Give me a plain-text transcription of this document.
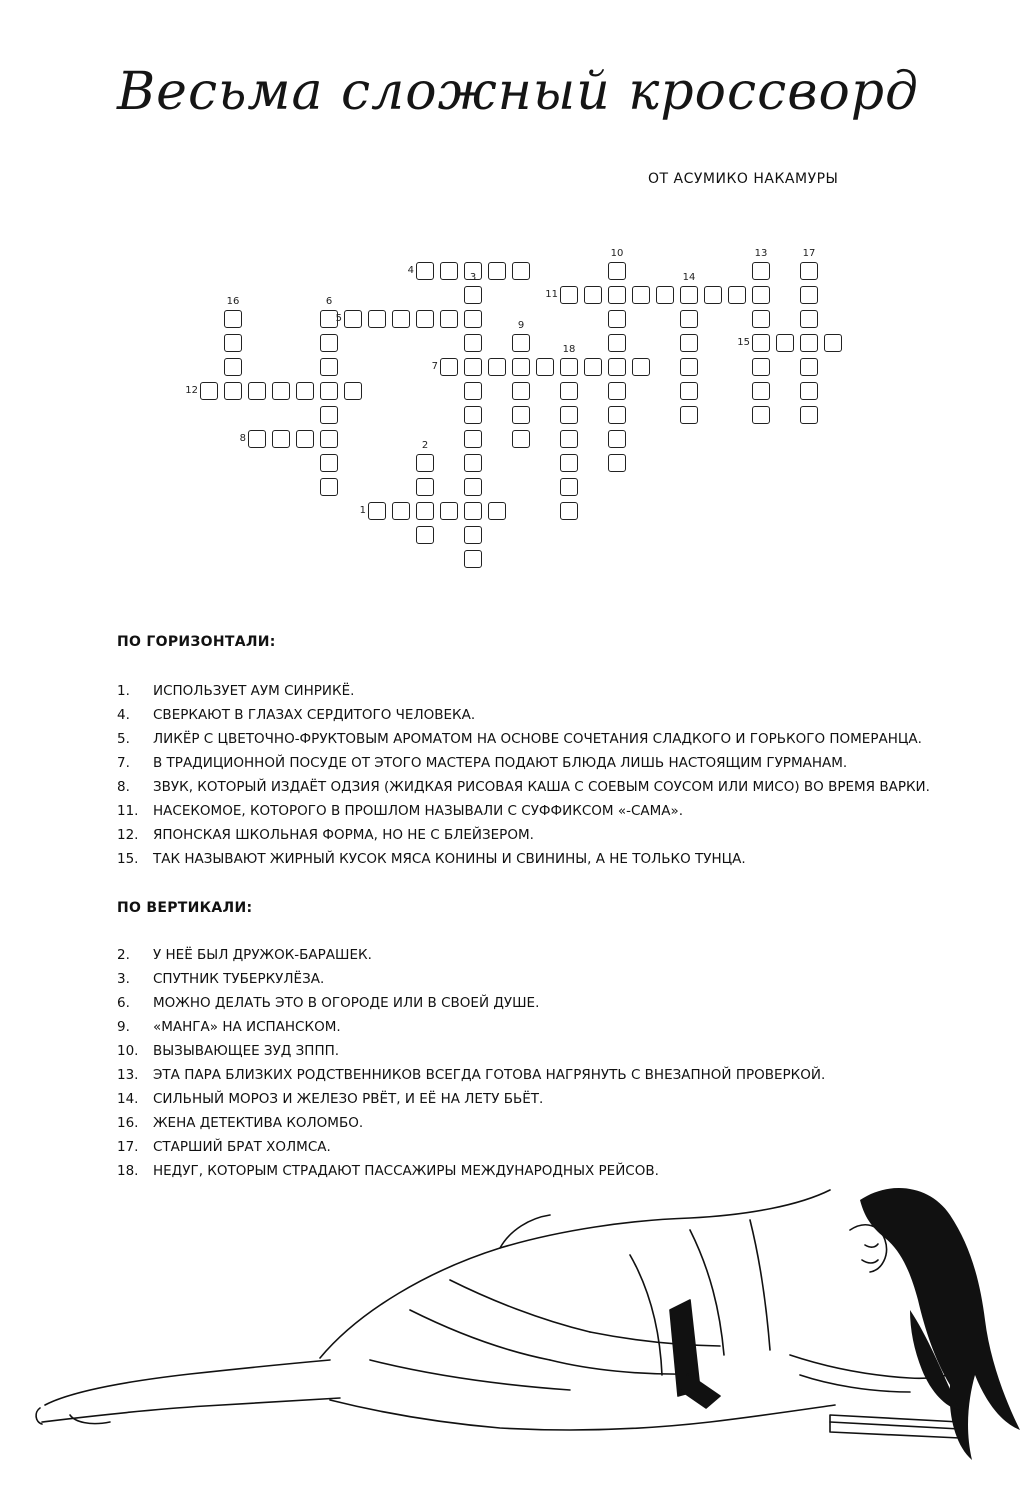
Весьма сложный кроссворд
ОТ АСУМИКО НАКАМУРЫ
1
2
3
4
5
6
7
8
9
10
11
12
13
14
15
16
17
18
ПО ГОРИЗОНТАЛИ:
1.	ИСПОЛЬЗУЕТ АУМ СИНРИКЁ.
4.	СВЕРКАЮТ В ГЛАЗАХ СЕРДИТОГО ЧЕЛОВЕКА.
5.	ЛИКЁР С ЦВЕТОЧНО-ФРУКТОВЫМ АРОМАТОМ НА ОСНОВЕ СОЧЕТАНИЯ СЛАДКОГО И ГОРЬКОГО ПОМЕРАНЦА.
7.	В ТРАДИЦИОННОЙ ПОСУДЕ ОТ ЭТОГО МАСТЕРА ПОДАЮТ БЛЮДА ЛИШЬ НАСТОЯЩИМ ГУРМАНАМ.
8.	ЗВУК, КОТОРЫЙ ИЗДАЁТ ОДЗИЯ (ЖИДКАЯ РИСОВАЯ КАША С СОЕВЫМ СОУСОМ ИЛИ МИСО) ВО ВРЕМЯ ВАРКИ.
11.	НАСЕКОМОЕ, КОТОРОГО В ПРОШЛОМ НАЗЫВАЛИ С СУФФИКСОМ «-САМА».
12.	ЯПОНСКАЯ ШКОЛЬНАЯ ФОРМА, НО НЕ С БЛЕЙЗЕРОМ.
15.	ТАК НАЗЫВАЮТ ЖИРНЫЙ КУСОК МЯСА КОНИНЫ И СВИНИНЫ, А НЕ ТОЛЬКО ТУНЦА.
ПО ВЕРТИКАЛИ:
2.	У НЕЁ БЫЛ ДРУЖОК-БАРАШЕК.
3.	СПУТНИК ТУБЕРКУЛЁЗА.
6.	МОЖНО ДЕЛАТЬ ЭТО В ОГОРОДЕ ИЛИ В СВОЕЙ ДУШЕ.
9.	«МАНГА» НА ИСПАНСКОМ.
10.	ВЫЗЫВАЮЩЕЕ ЗУД ЗППП.
13.	ЭТА ПАРА БЛИЗКИХ РОДСТВЕННИКОВ ВСЕГДА ГОТОВА НАГРЯНУТЬ С ВНЕЗАПНОЙ ПРОВЕРКОЙ.
14.	СИЛЬНЫЙ МОРОЗ И ЖЕЛЕЗО РВЁТ, И ЕЁ НА ЛЕТУ БЬЁТ.
16.	ЖЕНА ДЕТЕКТИВА КОЛОМБО.
17.	СТАРШИЙ БРАТ ХОЛМСА.
18.	НЕДУГ, КОТОРЫМ СТРАДАЮТ ПАССАЖИРЫ МЕЖДУНАРОДНЫХ РЕЙСОВ.
